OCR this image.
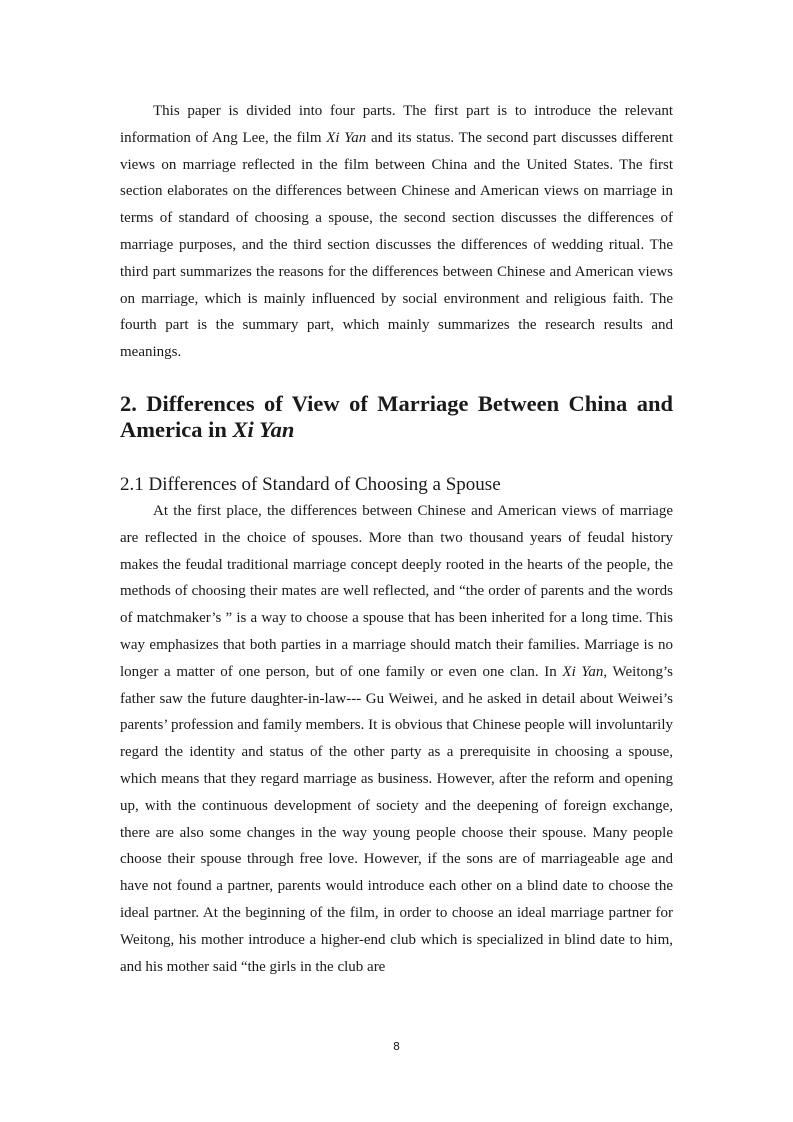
This paper is divided into four parts. The first part is to introduce the relevant information of Ang Lee, the film Xi Yan and its status. The second part discusses different views on marriage reflected in the film between China and the United States. The first section elaborates on the differences between Chinese and American views on marriage in terms of standard of choosing a spouse, the second section discusses the differences of marriage purposes, and the third section discusses the differences of wedding ritual. The third part summarizes the reasons for the differences between Chinese and American views on marriage, which is mainly influenced by social environment and religious faith. The fourth part is the summary part, which mainly summarizes the research results and meanings.

2. Differences of View of Marriage Between China and America in Xi Yan
2.1 Differences of Standard of Choosing a Spouse

At the first place, the differences between Chinese and American views of marriage are reflected in the choice of spouses. More than two thousand years of feudal history makes the feudal traditional marriage concept deeply rooted in the hearts of the people, the methods of choosing their mates are well reflected, and “the order of parents and the words of matchmaker’s ” is a way to choose a spouse that has been inherited for a long time. This way emphasizes that both parties in a marriage should match their families. Marriage is no longer a matter of one person, but of one family or even one clan. In Xi Yan, Weitong’s father saw the future daughter-in-law--- Gu Weiwei, and he asked in detail about Weiwei’s parents’ profession and family members. It is obvious that Chinese people will involuntarily regard the identity and status of the other party as a prerequisite in choosing a spouse, which means that they regard marriage as business. However, after the reform and opening up, with the continuous development of society and the deepening of foreign exchange, there are also some changes in the way young people choose their spouse. Many people choose their spouse through free love. However, if the sons are of marriageable age and have not found a partner, parents would introduce each other on a blind date to choose the ideal partner. At the beginning of the film, in order to choose an ideal marriage partner for Weitong, his mother introduce a higher-end club which is specialized in blind date to him, and his mother said “the girls in the club are

8
